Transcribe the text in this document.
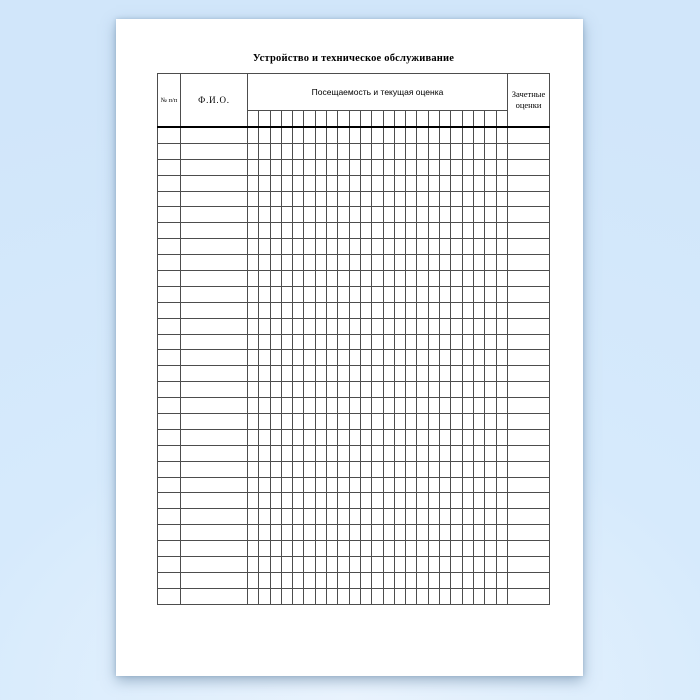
Устройство и техническое обслуживание
№ п/п	Ф.И.О.	Посещаемость и текущая оценка																							Зачетные оценки
